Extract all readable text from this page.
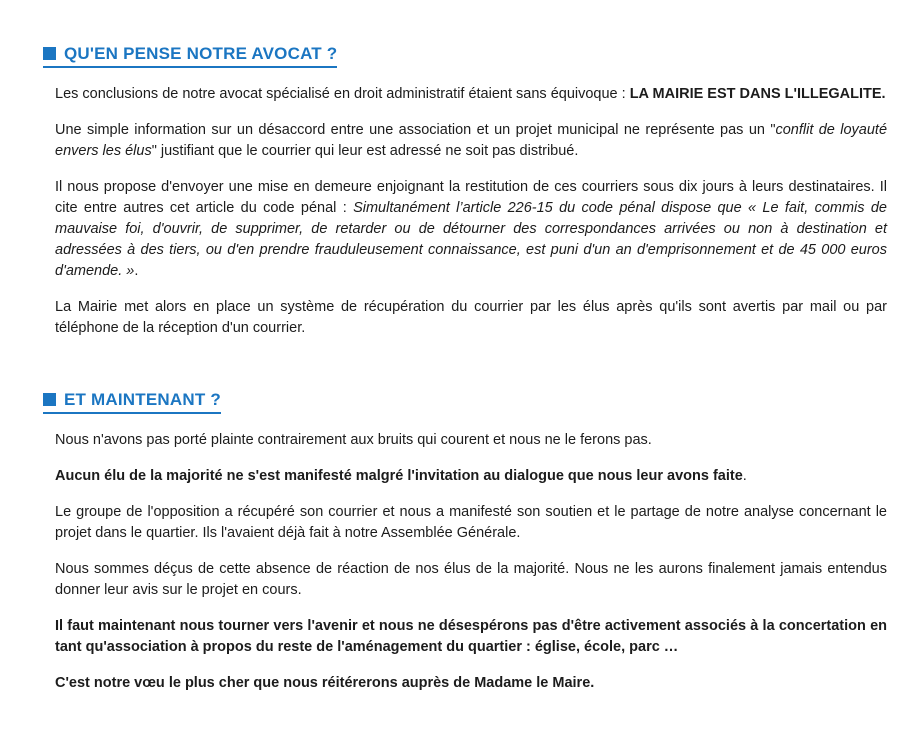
QU'EN PENSE NOTRE AVOCAT ?

Les conclusions de notre avocat spécialisé en droit administratif étaient sans équivoque : LA MAIRIE EST DANS L'ILLEGALITE.

Une simple information sur un désaccord entre une association et un projet municipal ne représente pas un "conflit de loyauté envers les élus" justifiant que le courrier qui leur est adressé ne soit pas distribué.

Il nous propose d'envoyer une mise en demeure enjoignant la restitution de ces courriers sous dix jours à leurs destinataires. Il cite entre autres cet article du code pénal : Simultanément l’article 226-15 du code pénal dispose que « Le fait, commis de mauvaise foi, d'ouvrir, de supprimer, de retarder ou de détourner des correspondances arrivées ou non à destination et adressées à des tiers, ou d'en prendre frauduleusement connaissance, est puni d'un an d'emprisonnement et de 45 000 euros d'amende. ».

La Mairie met alors en place un système de récupération du courrier par les élus après qu'ils sont avertis par mail ou par téléphone de la réception d'un courrier.

ET MAINTENANT ?

Nous n'avons pas porté plainte contrairement aux bruits qui courent et nous ne le ferons pas.

Aucun élu de la majorité ne s'est manifesté malgré l'invitation au dialogue que nous leur avons faite.

Le groupe de l'opposition a récupéré son courrier et nous a manifesté son soutien et le partage de notre analyse concernant le projet dans le quartier. Ils l'avaient déjà fait à notre Assemblée Générale.

Nous sommes déçus de cette absence de réaction de nos élus de la majorité. Nous ne les aurons finalement jamais entendus donner leur avis sur le projet en cours.

Il faut maintenant nous tourner vers l'avenir et nous ne désespérons pas d'être activement associés à la concertation en tant qu'association à propos du reste de l'aménagement du quartier : église, école, parc …

C'est notre vœu le plus cher que nous réitérerons auprès de Madame le Maire.
